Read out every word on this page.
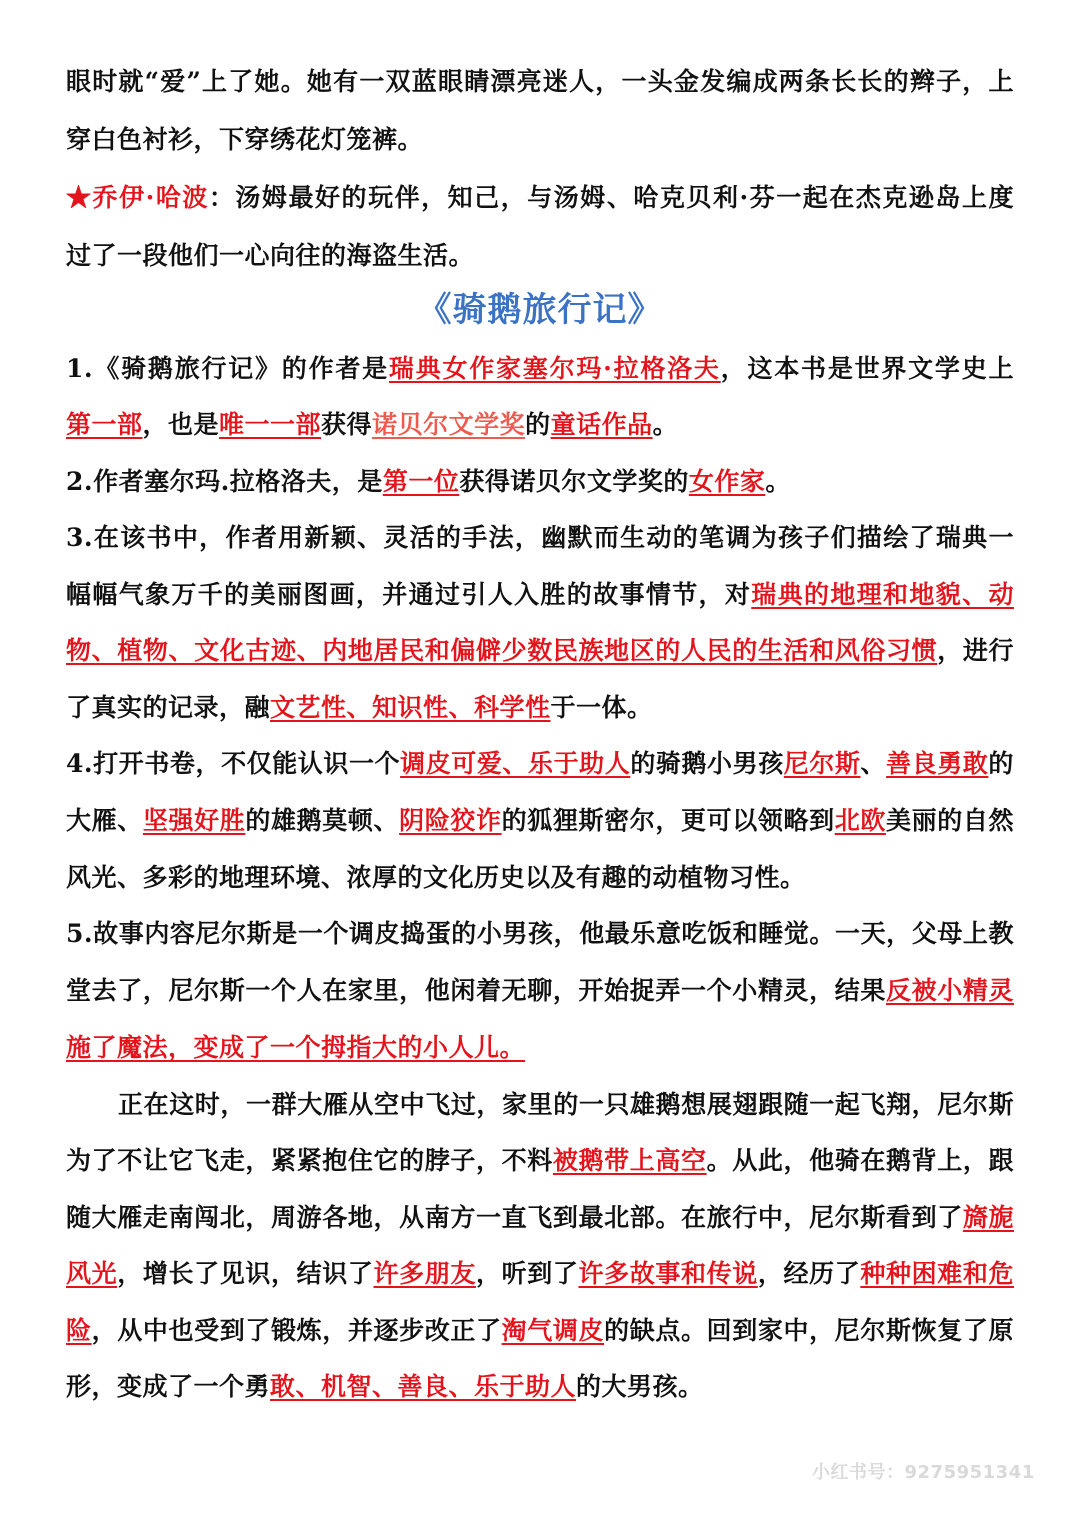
眼时就“爱”上了她。她有一双蓝眼睛漂亮迷人，一头金发编成两条长长的辫子，上
穿白色衬衫，下穿绣花灯笼裤。
★乔伊·哈波：汤姆最好的玩伴，知己，与汤姆、哈克贝利·芬一起在杰克逊岛上度
过了一段他们一心向往的海盗生活。
《骑鹅旅行记》
1.《骑鹅旅行记》的作者是瑞典女作家塞尔玛·拉格洛夫，这本书是世界文学史上
第一部，也是唯一一部获得诺贝尔文学奖的童话作品。
2.作者塞尔玛.拉格洛夫，是第一位获得诺贝尔文学奖的女作家。
3.在该书中，作者用新颖、灵活的手法，幽默而生动的笔调为孩子们描绘了瑞典一
幅幅气象万千的美丽图画，并通过引人入胜的故事情节，对瑞典的地理和地貌、动
物、植物、文化古迹、内地居民和偏僻少数民族地区的人民的生活和风俗习惯，进行
了真实的记录，融文艺性、知识性、科学性于一体。
4.打开书卷，不仅能认识一个调皮可爱、乐于助人的骑鹅小男孩尼尔斯、善良勇敢的
大雁、坚强好胜的雄鹅莫顿、阴险狡诈的狐狸斯密尔，更可以领略到北欧美丽的自然
风光、多彩的地理环境、浓厚的文化历史以及有趣的动植物习性。
5.故事内容尼尔斯是一个调皮捣蛋的小男孩，他最乐意吃饭和睡觉。一天，父母上教
堂去了，尼尔斯一个人在家里，他闲着无聊，开始捉弄一个小精灵，结果反被小精灵
施了魔法，变成了一个拇指大的小人儿。
正在这时，一群大雁从空中飞过，家里的一只雄鹅想展翅跟随一起飞翔，尼尔斯
为了不让它飞走，紧紧抱住它的脖子，不料被鹅带上高空。从此，他骑在鹅背上，跟
随大雁走南闯北，周游各地，从南方一直飞到最北部。在旅行中，尼尔斯看到了旖旎
风光，增长了见识，结识了许多朋友，听到了许多故事和传说，经历了种种困难和危
险，从中也受到了锻炼，并逐步改正了淘气调皮的缺点。回到家中，尼尔斯恢复了原
形，变成了一个勇敢、机智、善良、乐于助人的大男孩。
小红书号：9275951341
